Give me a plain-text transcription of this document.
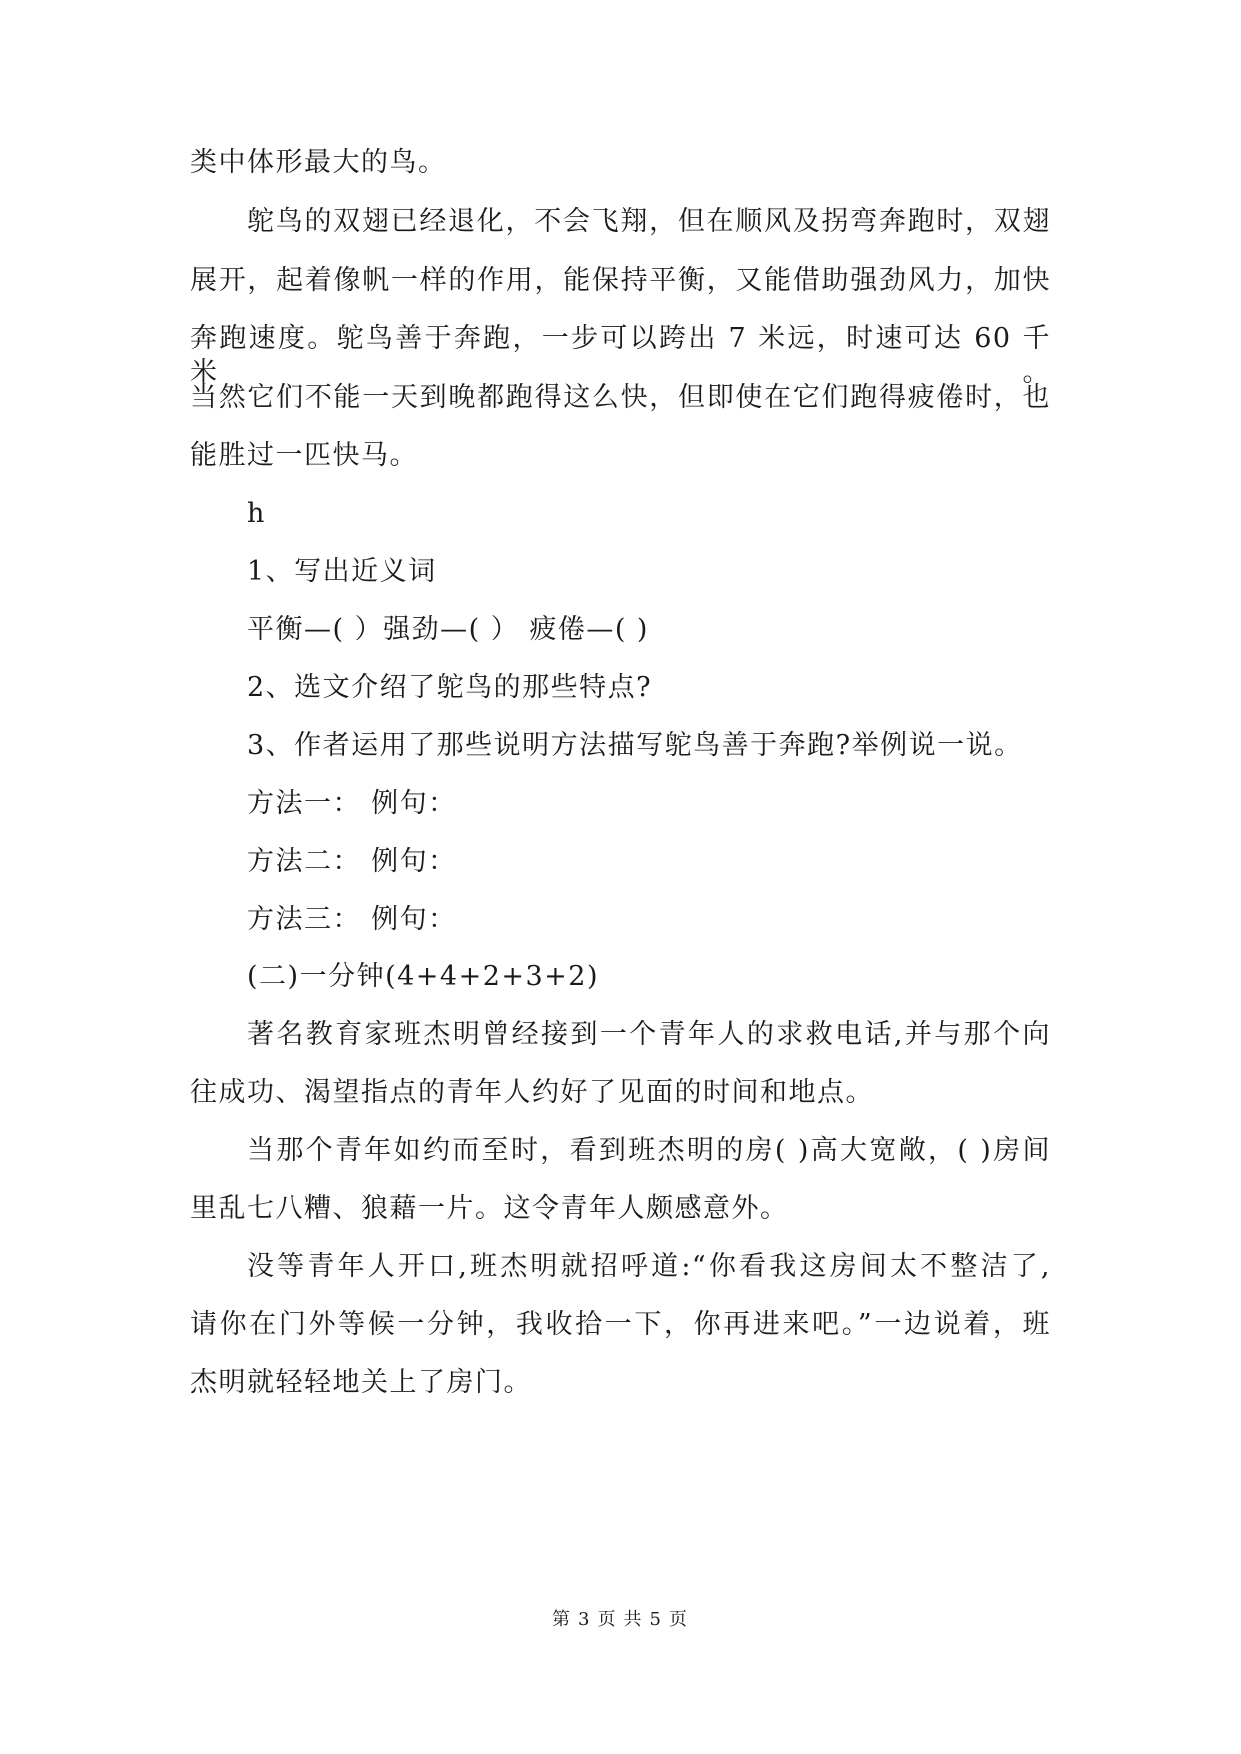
类中体形最大的鸟。
鸵鸟的双翅已经退化，不会飞翔，但在顺风及拐弯奔跑时，双翅
展开，起着像帆一样的作用，能保持平衡，又能借助强劲风力，加快
奔跑速度。鸵鸟善于奔跑，一步可以跨出 7 米远，时速可达 60 千米。
当然它们不能一天到晚都跑得这么快，但即使在它们跑得疲倦时，也
能胜过一匹快马。
h
1、写出近义词
平衡—( ）强劲—( ） 疲倦—( )
2、选文介绍了鸵鸟的那些特点?
3、作者运用了那些说明方法描写鸵鸟善于奔跑?举例说一说。
方法一： 例句：
方法二： 例句：
方法三： 例句：
(二)一分钟(4+4+2+3+2)
著名教育家班杰明曾经接到一个青年人的求救电话,并与那个向
往成功、渴望指点的青年人约好了见面的时间和地点。
当那个青年如约而至时，看到班杰明的房( )高大宽敞，( )房间
里乱七八糟、狼藉一片。这令青年人颇感意外。
没等青年人开口,班杰明就招呼道:“你看我这房间太不整洁了,
请你在门外等候一分钟，我收拾一下，你再进来吧。”一边说着，班
杰明就轻轻地关上了房门。
第 3 页 共 5 页
